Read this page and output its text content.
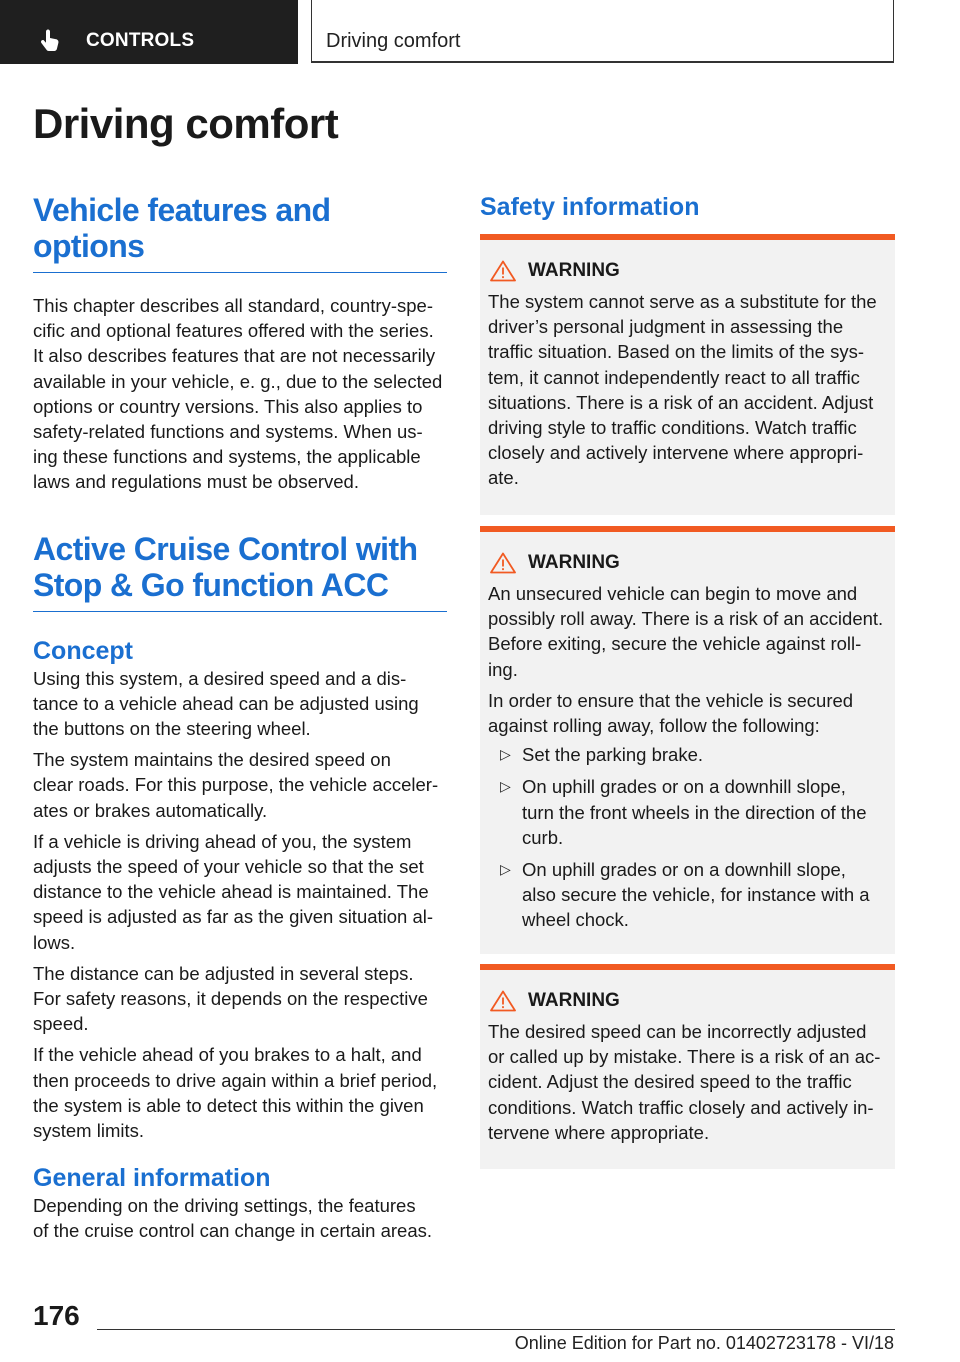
CONTROLS	Driving comfort
Driving comfort
Vehicle features and options

This chapter describes all standard, country-spe-
cific and optional features offered with the series.
It also describes features that are not necessarily
available in your vehicle, e. g., due to the selected
options or country versions. This also applies to
safety-related functions and systems. When us-
ing these functions and systems, the applicable
laws and regulations must be observed.

Active Cruise Control with Stop & Go function ACC
Concept

Using this system, a desired speed and a dis-
tance to a vehicle ahead can be adjusted using
the buttons on the steering wheel.

The system maintains the desired speed on
clear roads. For this purpose, the vehicle acceler-
ates or brakes automatically.

If a vehicle is driving ahead of you, the system
adjusts the speed of your vehicle so that the set
distance to the vehicle ahead is maintained. The
speed is adjusted as far as the given situation al-
lows.

The distance can be adjusted in several steps.
For safety reasons, it depends on the respective
speed.

If the vehicle ahead of you brakes to a halt, and
then proceeds to drive again within a brief period,
the system is able to detect this within the given
system limits.

General information

Depending on the driving settings, the features
of the cruise control can change in certain areas.

Safety information
WARNING

The system cannot serve as a substitute for the
driver’s personal judgment in assessing the
traffic situation. Based on the limits of the sys-
tem, it cannot independently react to all traffic
situations. There is a risk of an accident. Adjust
driving style to traffic conditions. Watch traffic
closely and actively intervene where appropri-
ate.

WARNING

An unsecured vehicle can begin to move and
possibly roll away. There is a risk of an accident.
Before exiting, secure the vehicle against roll-
ing.

In order to ensure that the vehicle is secured
against rolling away, follow the following:

▷ Set the parking brake.
▷ On uphill grades or on a downhill slope,
turn the front wheels in the direction of the
curb.
▷ On uphill grades or on a downhill slope,
also secure the vehicle, for instance with a
wheel chock.
WARNING

The desired speed can be incorrectly adjusted
or called up by mistake. There is a risk of an ac-
cident. Adjust the desired speed to the traffic
conditions. Watch traffic closely and actively in-
tervene where appropriate.

176
Online Edition for Part no. 01402723178 - VI/18
